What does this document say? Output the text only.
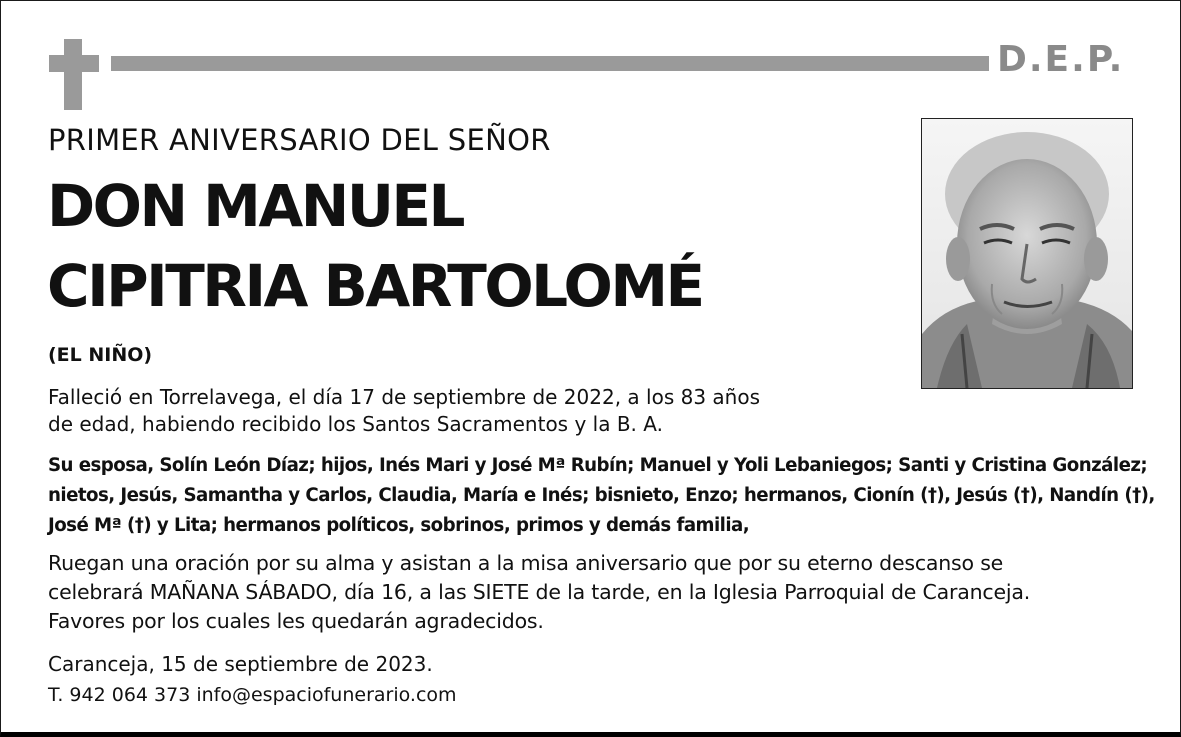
D.E.P.
PRIMER ANIVERSARIO DEL SEÑOR
DON MANUEL
CIPITRIA BARTOLOMÉ
(EL NIÑO)
Falleció en Torrelavega, el día 17 de septiembre de 2022, a los 83 años
de edad, habiendo recibido los Santos Sacramentos y la B. A.
Su esposa, Solín León Díaz; hijos, Inés Mari y José Mª Rubín; Manuel y Yoli Lebaniegos; Santi y Cristina González; nietos, Jesús, Samantha y Carlos, Claudia, María e Inés; bisnieto, Enzo; hermanos, Cionín (†), Jesús (†), Nandín (†), José Mª (†) y Lita; hermanos políticos, sobrinos, primos y demás familia,
Ruegan una oración por su alma y asistan a la misa aniversario que por su eterno descanso se
celebrará MAÑANA SÁBADO, día 16, a las SIETE de la tarde, en la Iglesia Parroquial de Caranceja.
Favores por los cuales les quedarán agradecidos.
Caranceja, 15 de septiembre de 2023.
T. 942 064 373 info@espaciofunerario.com
